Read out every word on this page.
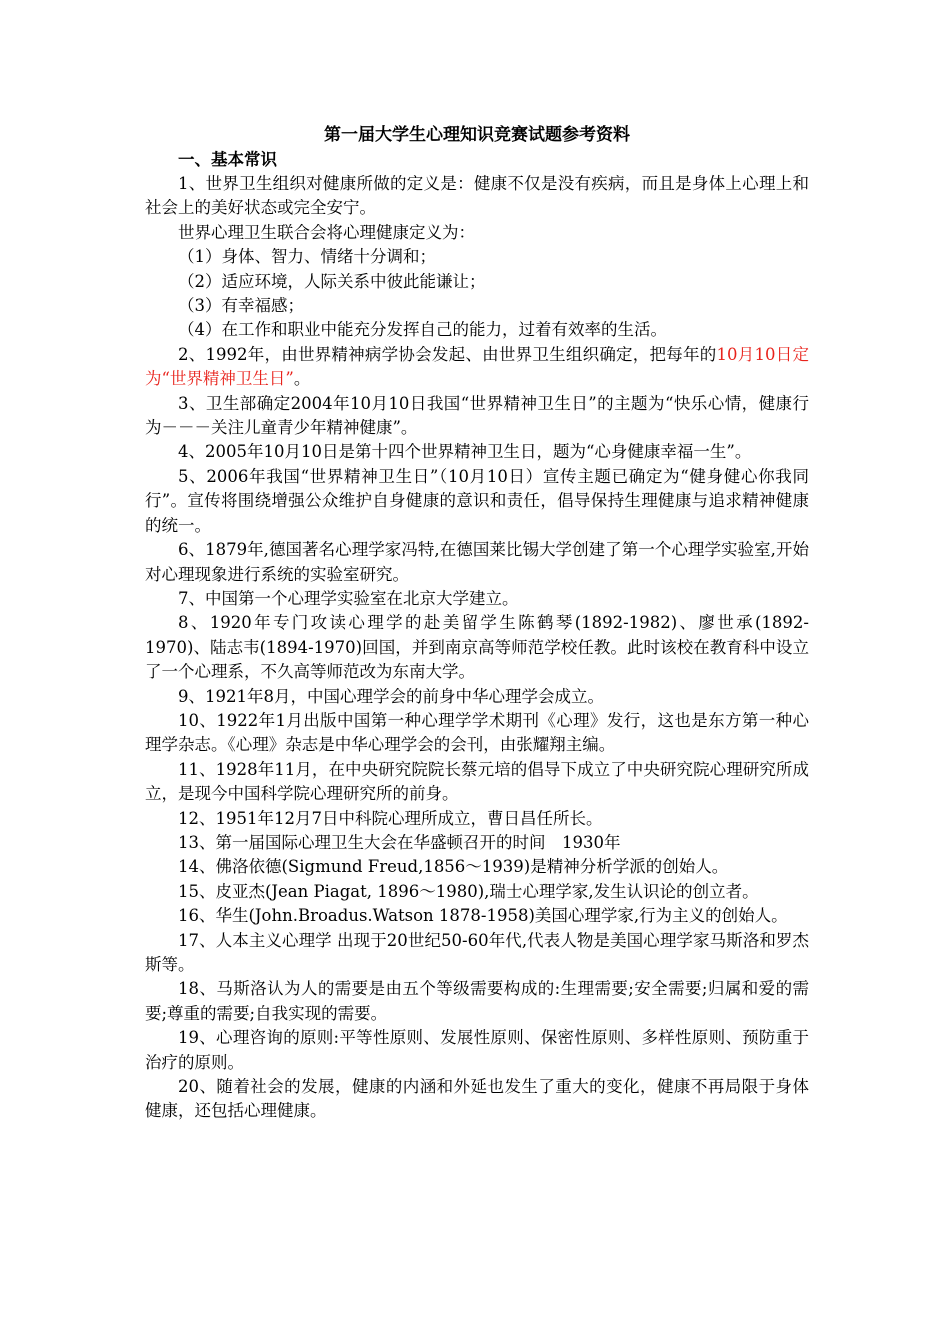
第一届大学生心理知识竞赛试题参考资料
一、基本常识

1、世界卫生组织对健康所做的定义是：健康不仅是没有疾病，而且是身体上心理上和社会上的美好状态或完全安宁。

世界心理卫生联合会将心理健康定义为：

（1）身体、智力、情绪十分调和；

（2）适应环境，人际关系中彼此能谦让；

（3）有幸福感；

（4）在工作和职业中能充分发挥自己的能力，过着有效率的生活。

2、1992年，由世界精神病学协会发起、由世界卫生组织确定，把每年的10月10日定为“世界精神卫生日”。

3、卫生部确定2004年10月10日我国“世界精神卫生日”的主题为“快乐心情，健康行为－－－关注儿童青少年精神健康”。

4、2005年10月10日是第十四个世界精神卫生日，题为“心身健康幸福一生”。

5、2006年我国“世界精神卫生日”（10月10日）宣传主题已确定为“健身健心你我同行”。宣传将围绕增强公众维护自身健康的意识和责任，倡导保持生理健康与追求精神健康的统一。

6、1879年,德国著名心理学家冯特,在德国莱比锡大学创建了第一个心理学实验室,开始对心理现象进行系统的实验室研究。

7、中国第一个心理学实验室在北京大学建立。

8、1920年专门攻读心理学的赴美留学生陈鹤琴(1892-1982)、廖世承(1892-1970)、陆志韦(1894-1970)回国，并到南京高等师范学校任教。此时该校在教育科中设立了一个心理系，不久高等师范改为东南大学。

9、1921年8月，中国心理学会的前身中华心理学会成立。

10、1922年1月出版中国第一种心理学学术期刊《心理》发行，这也是东方第一种心理学杂志。《心理》杂志是中华心理学会的会刊，由张耀翔主编。

11、1928年11月，在中央研究院院长蔡元培的倡导下成立了中央研究院心理研究所成立，是现今中国科学院心理研究所的前身。

12、1951年12月7日中科院心理所成立，曹日昌任所长。

13、第一届国际心理卫生大会在华盛顿召开的时间　1930年

14、佛洛依德(Sigmund Freud,1856～1939)是精神分析学派的创始人。

15、皮亚杰(Jean Piagat, 1896～1980),瑞士心理学家,发生认识论的创立者。

16、华生(John.Broadus.Watson 1878-1958)美国心理学家,行为主义的创始人。

17、人本主义心理学 出现于20世纪50-60年代,代表人物是美国心理学家马斯洛和罗杰斯等。

18、马斯洛认为人的需要是由五个等级需要构成的:生理需要;安全需要;归属和爱的需要;尊重的需要;自我实现的需要。

19、心理咨询的原则:平等性原则、发展性原则、保密性原则、多样性原则、预防重于治疗的原则。

20、随着社会的发展，健康的内涵和外延也发生了重大的变化，健康不再局限于身体健康，还包括心理健康。
